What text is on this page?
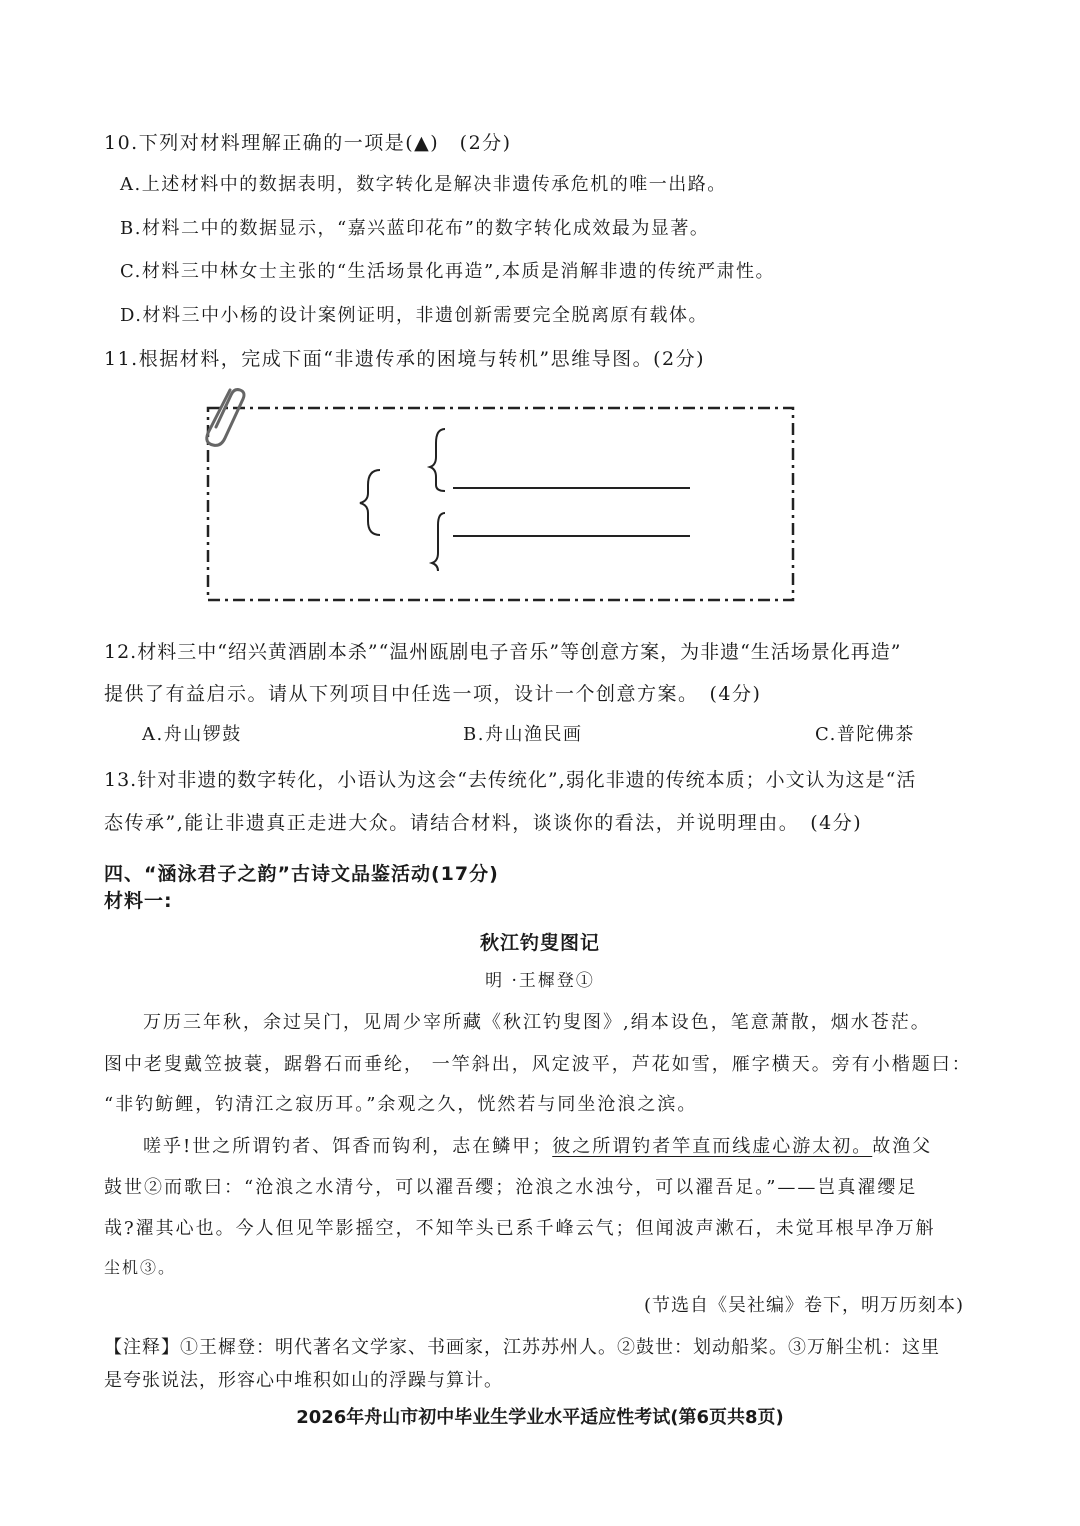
10.下列对材料理解正确的一项是(▲)　(2分)
A.上述材料中的数据表明，数字转化是解决非遗传承危机的唯一出路。
B.材料二中的数据显示，“嘉兴蓝印花布”的数字转化成效最为显著。
C.材料三中林女士主张的“生活场景化再造”,本质是消解非遗的传统严肃性。
D.材料三中小杨的设计案例证明，非遗创新需要完全脱离原有载体。
11.根据材料，完成下面“非遗传承的困境与转机”思维导图。(2分)
12.材料三中“绍兴黄酒剧本杀”“温州瓯剧电子音乐”等创意方案，为非遗“生活场景化再造”
提供了有益启示。请从下列项目中任选一项，设计一个创意方案。　(4分)
A.舟山锣鼓	B.舟山渔民画	C.普陀佛茶
13.针对非遗的数字转化，小语认为这会“去传统化”,弱化非遗的传统本质；小文认为这是“活
态传承”,能让非遗真正走进大众。请结合材料，谈谈你的看法，并说明理由。　(4分)
四、“涵泳君子之韵”古诗文品鉴活动(17分)
材料一:
秋江钓叟图记
明 ·王樨登①
万历三年秋，余过吴门，见周少宰所藏《秋江钓叟图》,绢本设色，笔意萧散，烟水苍茫。
图中老叟戴笠披蓑，踞磐石而垂纶， 一竿斜出，风定波平，芦花如雪，雁字横天。旁有小楷题曰：
“非钓鲂鲤，钓清江之寂历耳。”余观之久，恍然若与同坐沧浪之滨。
嗟乎!世之所谓钓者、饵香而钩利，志在鳞甲；彼之所谓钓者竿直而线虚心游太初。故渔父
鼓世②而歌曰：“沧浪之水清兮，可以濯吾缨；沧浪之水浊兮，可以濯吾足。”——岂真濯缨足
哉?濯其心也。今人但见竿影摇空，不知竿头已系千峰云气；但闻波声漱石，未觉耳根早净万斛
尘机③。
(节选自《吴社编》卷下，明万历刻本)
【注释】①王樨登：明代著名文学家、书画家，江苏苏州人。②鼓世：划动船桨。③万斛尘机：这里
是夸张说法，形容心中堆积如山的浮躁与算计。
2026年舟山市初中毕业生学业水平适应性考试(第6页共8页)
